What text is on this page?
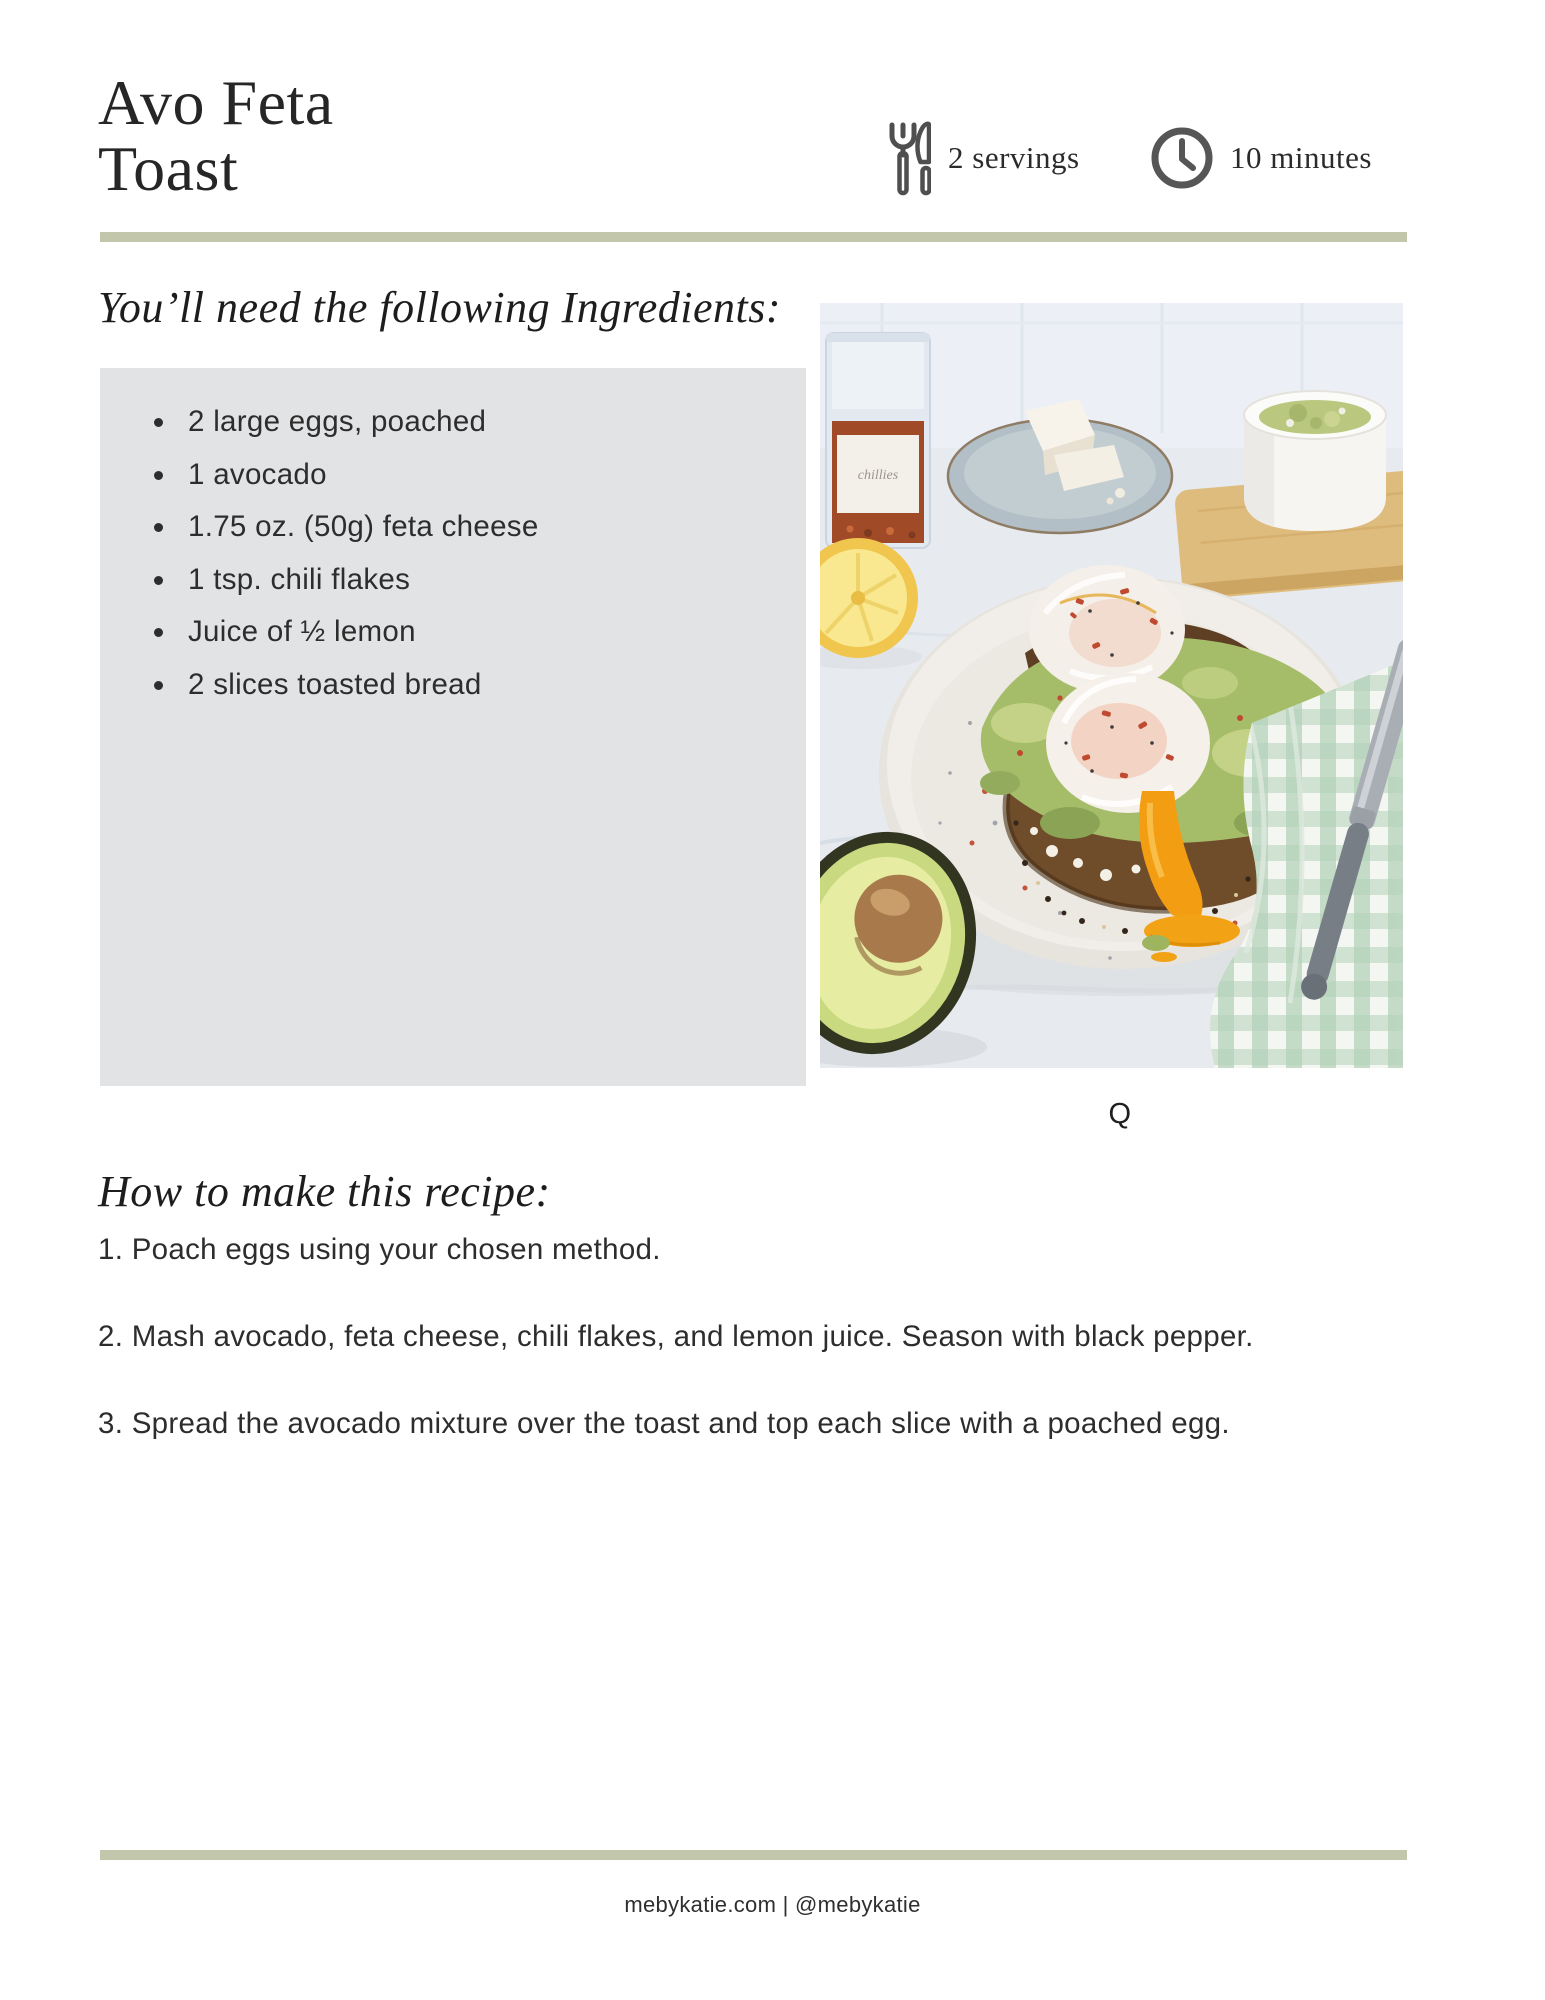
Avo Feta
Toast	2 servings	10 minutes
You’ll need the following Ingredients:
• 2 large eggs, poached
• 1 avocado
• 1.75 oz. (50g) feta cheese
• 1 tsp. chili flakes
• Juice of ½ lemon
• 2 slices toasted bread
chillies
Q
How to make this recipe:

1. Poach eggs using your chosen method.

2. Mash avocado, feta cheese, chili flakes, and lemon juice. Season with black pepper.

3. Spread the avocado mixture over the toast and top each slice with a poached egg.

mebykatie.com | @mebykatie
